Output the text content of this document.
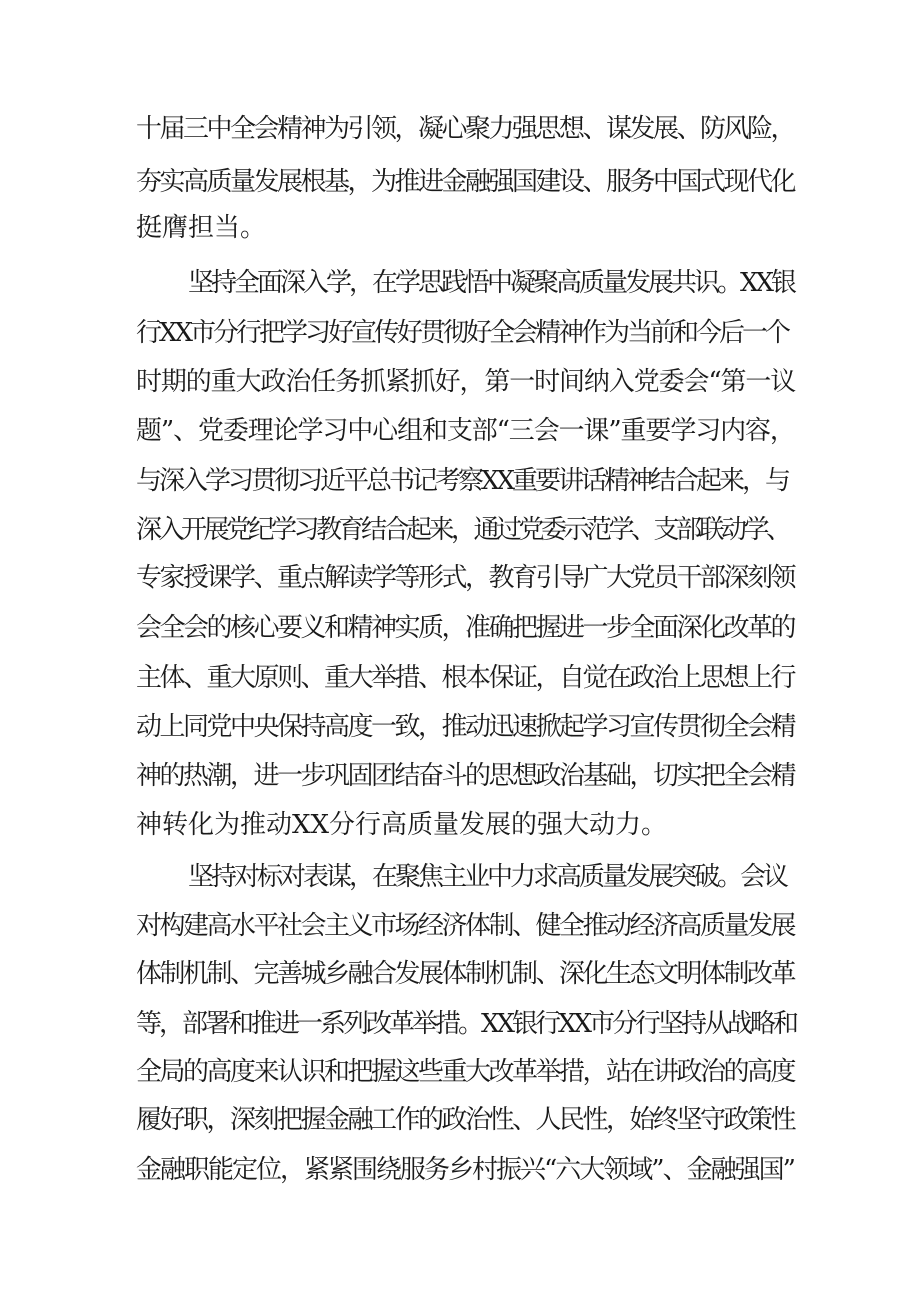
十届三中全会精神为引领，凝心聚力强思想、谋发展、防风险，
夯实高质量发展根基，为推进金融强国建设、服务中国式现代化
挺膺担当。
坚持全面深入学，在学思践悟中凝聚高质量发展共识。XX银
行XX市分行把学习好宣传好贯彻好全会精神作为当前和今后一个
时期的重大政治任务抓紧抓好，第一时间纳入党委会“第一议
题”、党委理论学习中心组和支部“三会一课”重要学习内容，
与深入学习贯彻习近平总书记考察XX重要讲话精神结合起来，与
深入开展党纪学习教育结合起来，通过党委示范学、支部联动学、
专家授课学、重点解读学等形式，教育引导广大党员干部深刻领
会全会的核心要义和精神实质，准确把握进一步全面深化改革的
主体、重大原则、重大举措、根本保证，自觉在政治上思想上行
动上同党中央保持高度一致，推动迅速掀起学习宣传贯彻全会精
神的热潮，进一步巩固团结奋斗的思想政治基础，切实把全会精
神转化为推动XX分行高质量发展的强大动力。
坚持对标对表谋，在聚焦主业中力求高质量发展突破。会议
对构建高水平社会主义市场经济体制、健全推动经济高质量发展
体制机制、完善城乡融合发展体制机制、深化生态文明体制改革
等，部署和推进一系列改革举措。XX银行XX市分行坚持从战略和
全局的高度来认识和把握这些重大改革举措，站在讲政治的高度
履好职，深刻把握金融工作的政治性、人民性，始终坚守政策性
金融职能定位，紧紧围绕服务乡村振兴“六大领域”、金融强国”
